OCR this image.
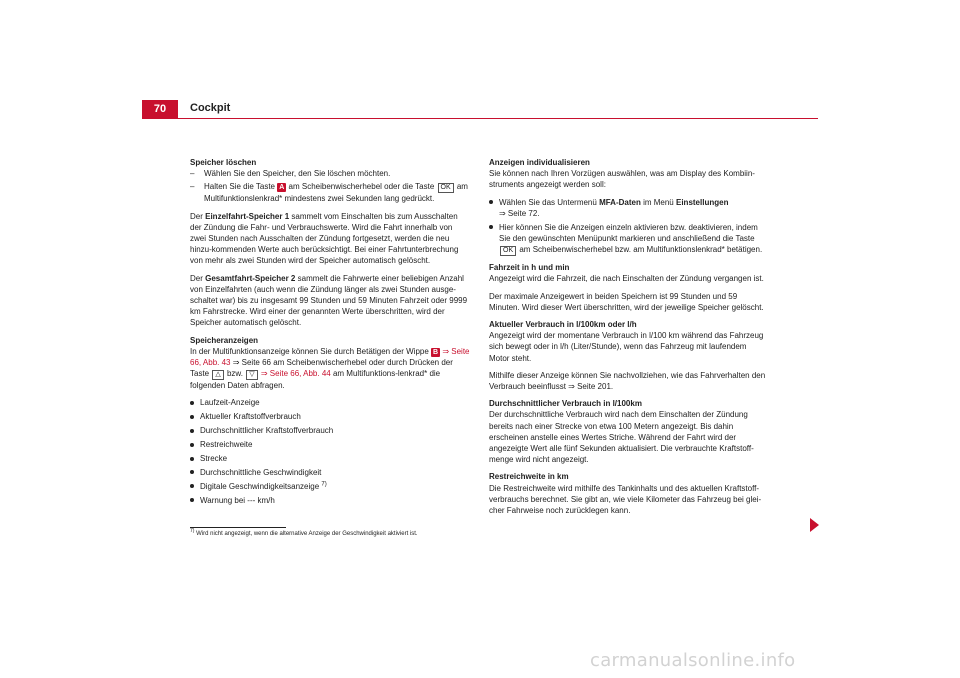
70	Cockpit

Speicher löschen

– Wählen Sie den Speicher, den Sie löschen möchten.
– Halten Sie die Taste A am Scheibenwischerhebel oder die Taste OK am Multifunktionslenkrad* mindestens zwei Sekunden lang gedrückt.

Der Einzelfahrt-Speicher 1 sammelt vom Einschalten bis zum Ausschalten der Zündung die Fahr- und Verbrauchswerte. Wird die Fahrt innerhalb von zwei Stunden nach Ausschalten der Zündung fortgesetzt, werden die neu hinzu-kommenden Werte auch berücksichtigt. Bei einer Fahrtunterbrechung von mehr als zwei Stunden wird der Speicher automatisch gelöscht.

Der Gesamtfahrt-Speicher 2 sammelt die Fahrwerte einer beliebigen Anzahl von Einzelfahrten (auch wenn die Zündung länger als zwei Stunden ausge-schaltet war) bis zu insgesamt 99 Stunden und 59 Minuten Fahrzeit oder 9999 km Fahrstrecke. Wird einer der genannten Werte überschritten, wird der Speicher automatisch gelöscht.

Speicheranzeigen

In der Multifunktionsanzeige können Sie durch Betätigen der Wippe B ⇒ Seite 66, Abb. 43 ⇒ Seite 66 am Scheibenwischerhebel oder durch Drücken der Taste △ bzw. ▽ ⇒ Seite 66, Abb. 44 am Multifunktions-lenkrad* die folgenden Daten abfragen.

Laufzeit-Anzeige
Aktueller Kraftstoffverbrauch
Durchschnittlicher Kraftstoffverbrauch
Restreichweite
Strecke
Durchschnittliche Geschwindigkeit
Digitale Geschwindigkeitsanzeige $^{7)}$
Warnung bei --- km/h
$^{7)}$ Wird nicht angezeigt, wenn die alternative Anzeige der Geschwindigkeit aktiviert ist.

Anzeigen individualisieren

Sie können nach Ihren Vorzügen auswählen, was am Display des Kombiin-struments angezeigt werden soll:

Wählen Sie das Untermenü MFA-Daten im Menü Einstellungen
⇒ Seite 72.
Hier können Sie die Anzeigen einzeln aktivieren bzw. deaktivieren, indem Sie den gewünschten Menüpunkt markieren und anschließend die Taste OK am Scheibenwischerhebel bzw. am Multifunktionslenkrad* betätigen.

Fahrzeit in h und min

Angezeigt wird die Fahrzeit, die nach Einschalten der Zündung vergangen ist.

Der maximale Anzeigewert in beiden Speichern ist 99 Stunden und 59 Minuten. Wird dieser Wert überschritten, wird der jeweilige Speicher gelöscht.

Aktueller Verbrauch in l/100km oder l/h

Angezeigt wird der momentane Verbrauch in l/100 km während das Fahrzeug sich bewegt oder in l/h (Liter/Stunde), wenn das Fahrzeug mit laufendem Motor steht.

Mithilfe dieser Anzeige können Sie nachvollziehen, wie das Fahrverhalten den Verbrauch beeinflusst ⇒ Seite 201.

Durchschnittlicher Verbrauch in l/100km

Der durchschnittliche Verbrauch wird nach dem Einschalten der Zündung bereits nach einer Strecke von etwa 100 Metern angezeigt. Bis dahin erscheinen anstelle eines Wertes Striche. Während der Fahrt wird der angezeigte Wert alle fünf Sekunden aktualisiert. Die verbrauchte Kraftstoff-menge wird nicht angezeigt.

Restreichweite in km

Die Restreichweite wird mithilfe des Tankinhalts und des aktuellen Kraftstoff-verbrauchs berechnet. Sie gibt an, wie viele Kilometer das Fahrzeug bei glei-cher Fahrweise noch zurücklegen kann.

carmanualsonline.info
